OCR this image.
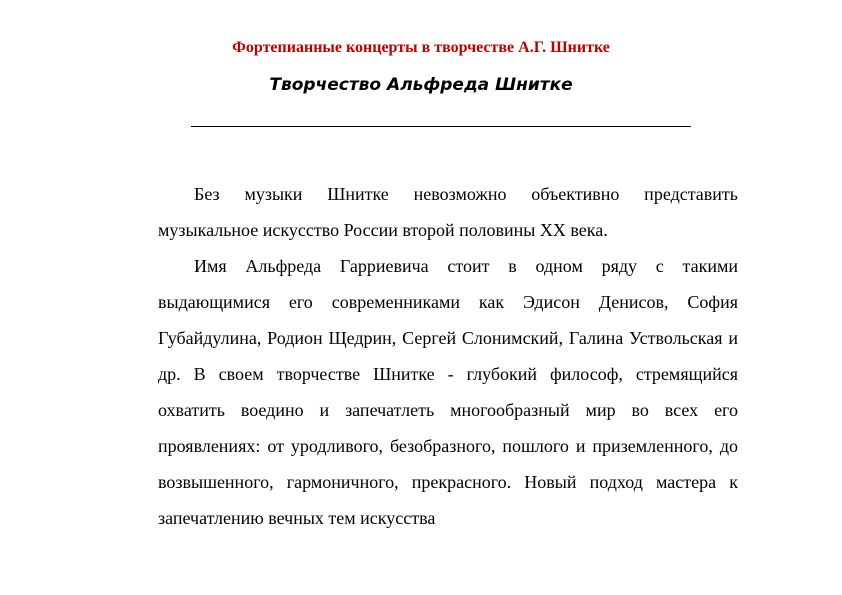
Фортепианные концерты в творчестве А.Г. Шнитке
Творчество Альфреда Шнитке

Без музыки Шнитке невозможно объективно представить музыкальное искусство России второй половины XX века.

Имя Альфреда Гарриевича стоит в одном ряду с такими выдающимися его современниками как Эдисон Денисов, София Губайдулина, Родион Щедрин, Сергей Слонимский, Галина Уствольская и др. В своем творчестве Шнитке - глубокий философ, стремящийся охватить воедино и запечатлеть многообразный мир во всех его проявлениях: от уродливого, безобразного, пошлого и приземленного, до возвышенного, гармоничного, прекрасного. Новый подход мастера к запечатлению вечных тем искусства
